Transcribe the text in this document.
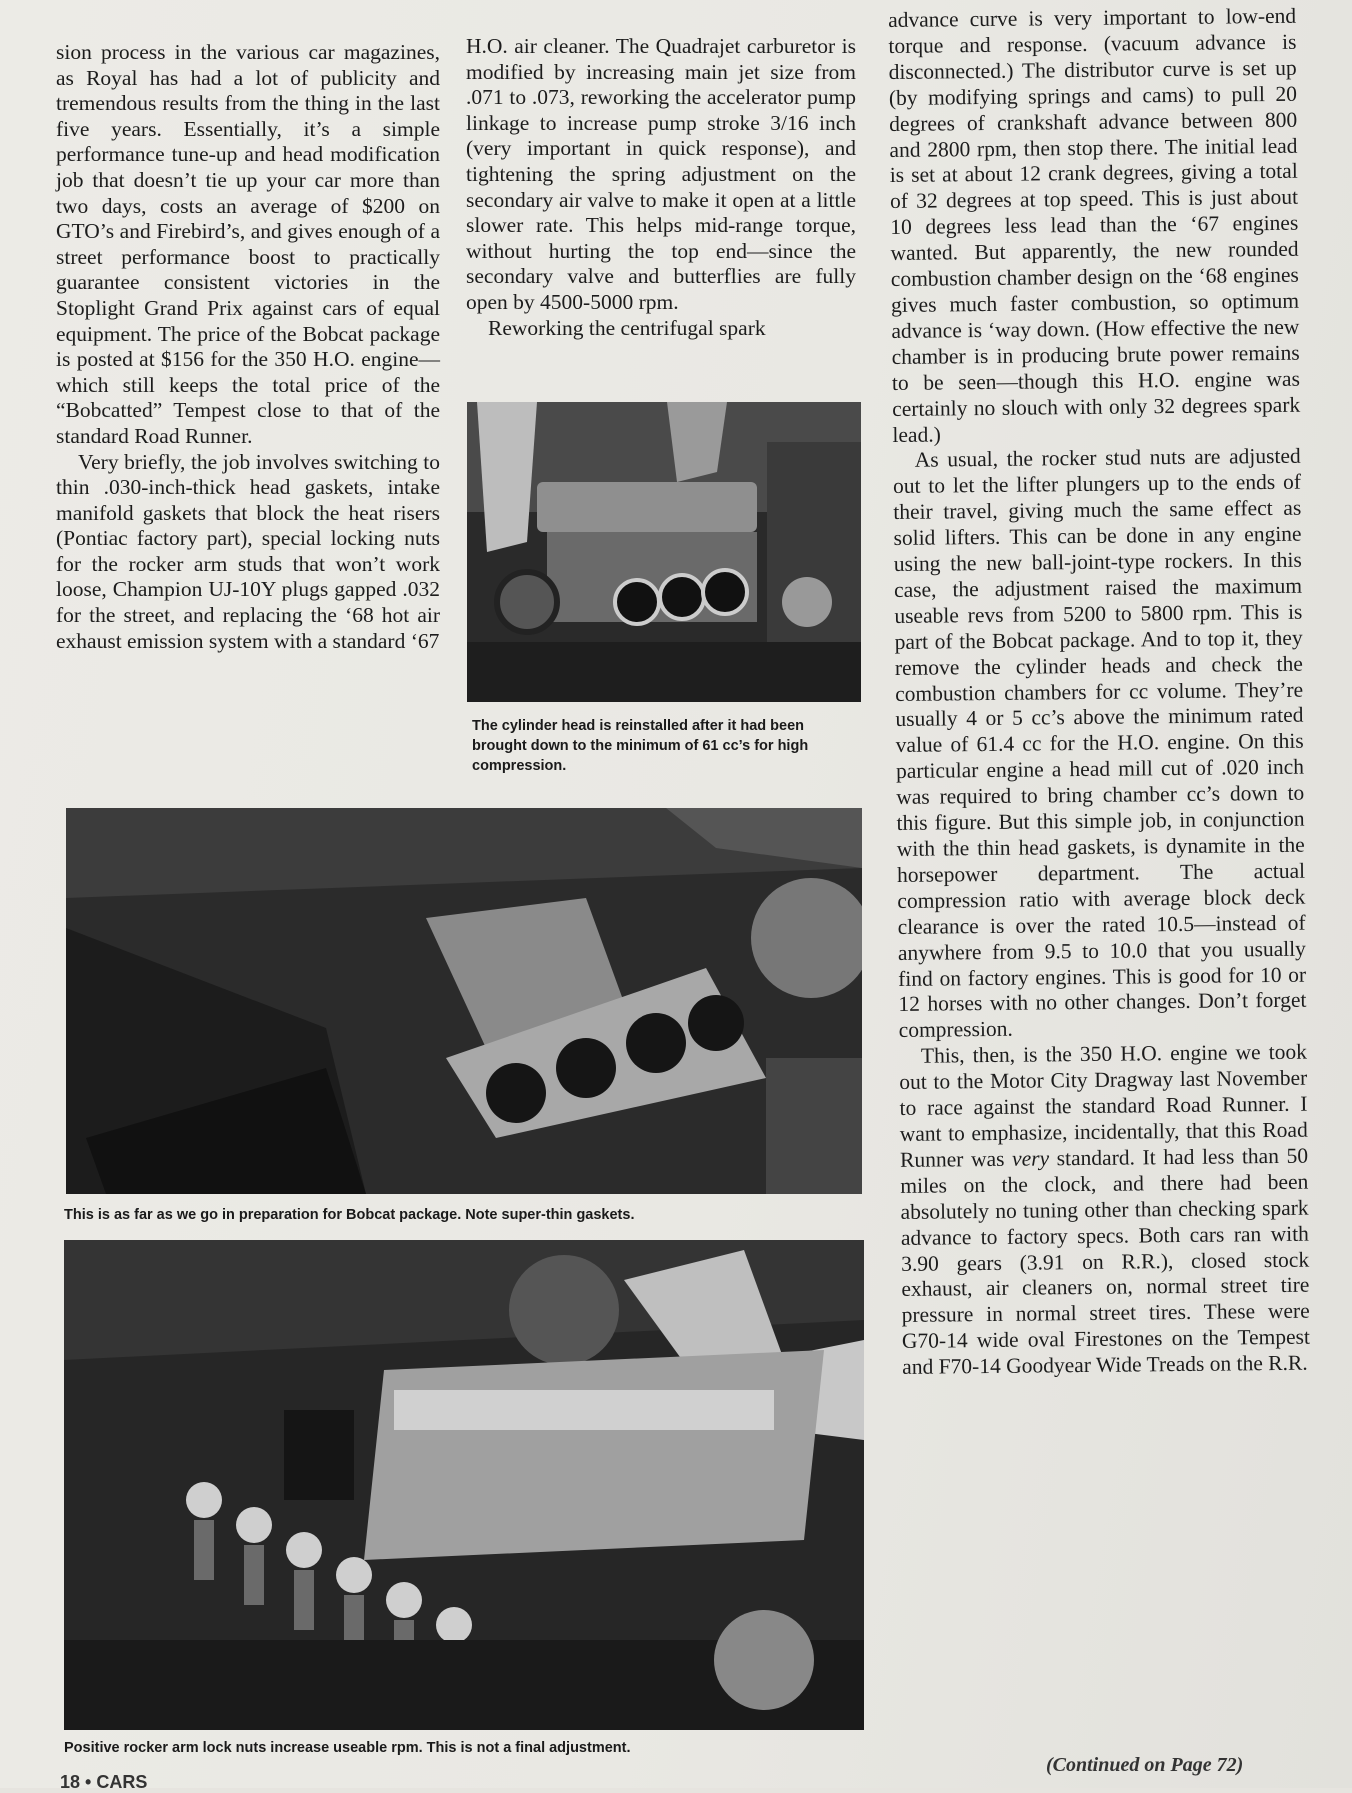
sion process in the various car magazines, as Royal has had a lot of publicity and tremendous results from the thing in the last five years. Essentially, it’s a simple performance tune-up and head modification job that doesn’t tie up your car more than two days, costs an average of $200 on GTO’s and Firebird’s, and gives enough of a street performance boost to practically guarantee consistent victories in the Stoplight Grand Prix against cars of equal equipment. The price of the Bobcat package is posted at $156 for the 350 H.O. engine—which still keeps the total price of the “Bobcatted” Tempest close to that of the standard Road Runner.

Very briefly, the job involves switching to thin .030-inch-thick head gaskets, intake manifold gaskets that block the heat risers (Pontiac factory part), special locking nuts for the rocker arm studs that won’t work loose, Champion UJ-10Y plugs gapped .032 for the street, and replacing the ‘68 hot air exhaust emission system with a standard ‘67

H.O. air cleaner. The Quadrajet carburetor is modified by increasing main jet size from .071 to .073, reworking the accelerator pump linkage to increase pump stroke 3/16 inch (very important in quick response), and tightening the spring adjustment on the secondary air valve to make it open at a little slower rate. This helps mid-range torque, without hurting the top end—since the secondary valve and butterflies are fully open by 4500-5000 rpm.

Reworking the centrifugal spark

The cylinder head is reinstalled after it had been brought down to the minimum of 61 cc’s for high compression.
This is as far as we go in preparation for Bobcat package. Note super-thin gaskets.
Positive rocker arm lock nuts increase useable rpm. This is not a final adjustment.

advance curve is very important to low-end torque and response. (vacuum advance is disconnected.) The distributor curve is set up (by modifying springs and cams) to pull 20 degrees of crankshaft advance between 800 and 2800 rpm, then stop there. The initial lead is set at about 12 crank degrees, giving a total of 32 degrees at top speed. This is just about 10 degrees less lead than the ‘67 engines wanted. But apparently, the new rounded combustion chamber design on the ‘68 engines gives much faster combustion, so optimum advance is ‘way down. (How effective the new chamber is in producing brute power remains to be seen—though this H.O. engine was certainly no slouch with only 32 degrees spark lead.)

As usual, the rocker stud nuts are adjusted out to let the lifter plungers up to the ends of their travel, giving much the same effect as solid lifters. This can be done in any engine using the new ball-joint-type rockers. In this case, the adjustment raised the maximum useable revs from 5200 to 5800 rpm. This is part of the Bobcat package. And to top it, they remove the cylinder heads and check the combustion chambers for cc volume. They’re usually 4 or 5 cc’s above the minimum rated value of 61.4 cc for the H.O. engine. On this particular engine a head mill cut of .020 inch was required to bring chamber cc’s down to this figure. But this simple job, in conjunction with the thin head gaskets, is dynamite in the horsepower department. The actual compression ratio with average block deck clearance is over the rated 10.5—instead of anywhere from 9.5 to 10.0 that you usually find on factory engines. This is good for 10 or 12 horses with no other changes. Don’t forget compression.

This, then, is the 350 H.O. engine we took out to the Motor City Dragway last November to race against the standard Road Runner. I want to emphasize, incidentally, that this Road Runner was very standard. It had less than 50 miles on the clock, and there had been absolutely no tuning other than checking spark advance to factory specs. Both cars ran with 3.90 gears (3.91 on R.R.), closed stock exhaust, air cleaners on, normal street tire pressure in normal street tires. These were G70-14 wide oval Firestones on the Tempest and F70-14 Goodyear Wide Treads on the R.R.

(Continued on Page 72)
18 • CARS
